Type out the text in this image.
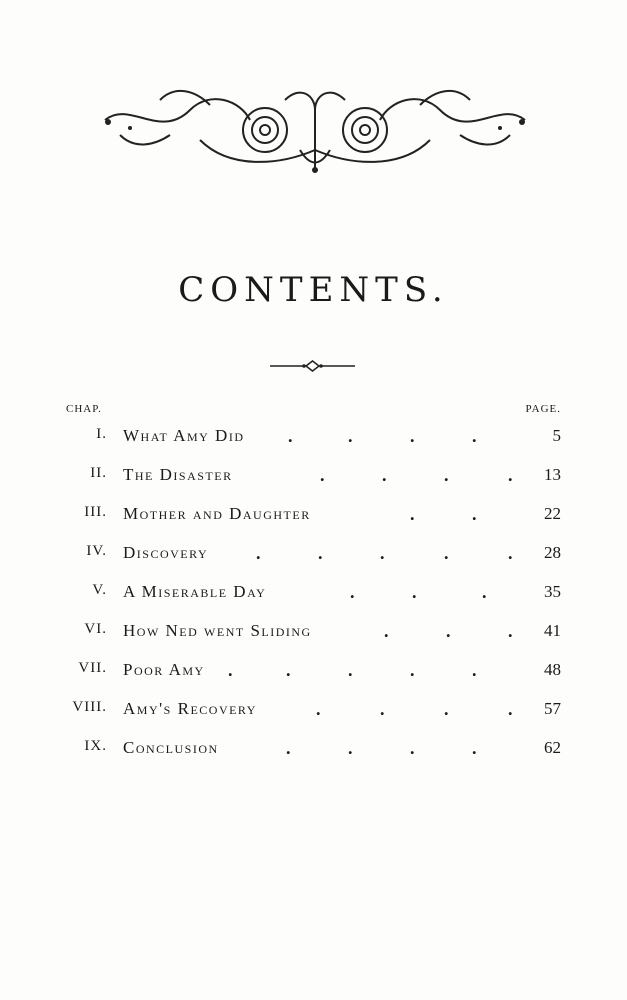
CONTENTS.
CHAP.	PAGE.
I. What Amy Did .	.	.	.	5
II. The Disaster	.	.	.	.	13
III. Mother and Daughter	.	.	22
IV. Discovery	.	.	.	.	.	28
V. A Miserable Day	.	.	.	35
VI. How Ned went Sliding	.	.	.	41
VII. Poor Amy .	.	.	.	.	48
VIII. Amy's Recovery	.	.	.	.	57
IX. Conclusion	.	.	.	.	62
